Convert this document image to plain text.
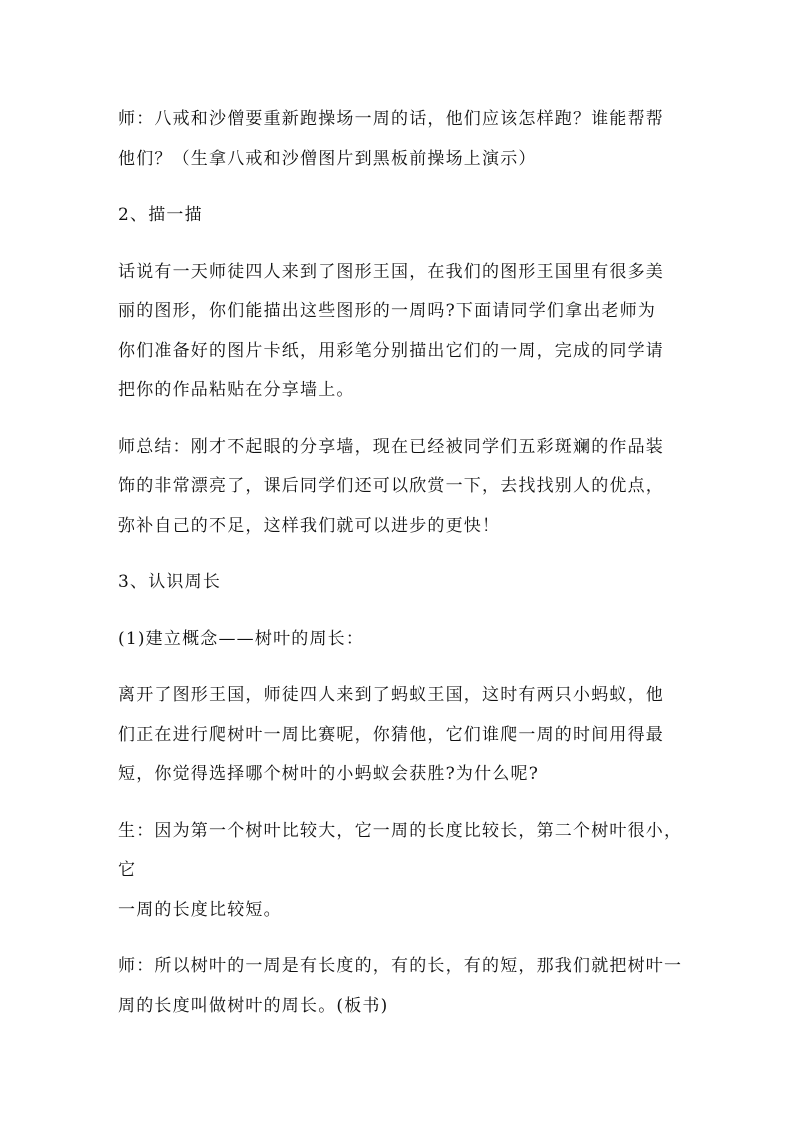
师：八戒和沙僧要重新跑操场一周的话，他们应该怎样跑？谁能帮帮

他们？（生拿八戒和沙僧图片到黑板前操场上演示）

2、描一描

话说有一天师徒四人来到了图形王国，在我们的图形王国里有很多美

丽的图形，你们能描出这些图形的一周吗?下面请同学们拿出老师为

你们准备好的图片卡纸，用彩笔分别描出它们的一周，完成的同学请

把你的作品粘贴在分享墙上。

师总结：刚才不起眼的分享墙，现在已经被同学们五彩斑斓的作品装

饰的非常漂亮了，课后同学们还可以欣赏一下，去找找别人的优点，

弥补自己的不足，这样我们就可以进步的更快！

3、认识周长

(1)建立概念——树叶的周长：

离开了图形王国，师徒四人来到了蚂蚁王国，这时有两只小蚂蚁，他

们正在进行爬树叶一周比赛呢，你猜他，它们谁爬一周的时间用得最

短，你觉得选择哪个树叶的小蚂蚁会获胜?为什么呢?

生：因为第一个树叶比较大，它一周的长度比较长，第二个树叶很小，它

一周的长度比较短。

师：所以树叶的一周是有长度的，有的长，有的短，那我们就把树叶一

周的长度叫做树叶的周长。(板书)
